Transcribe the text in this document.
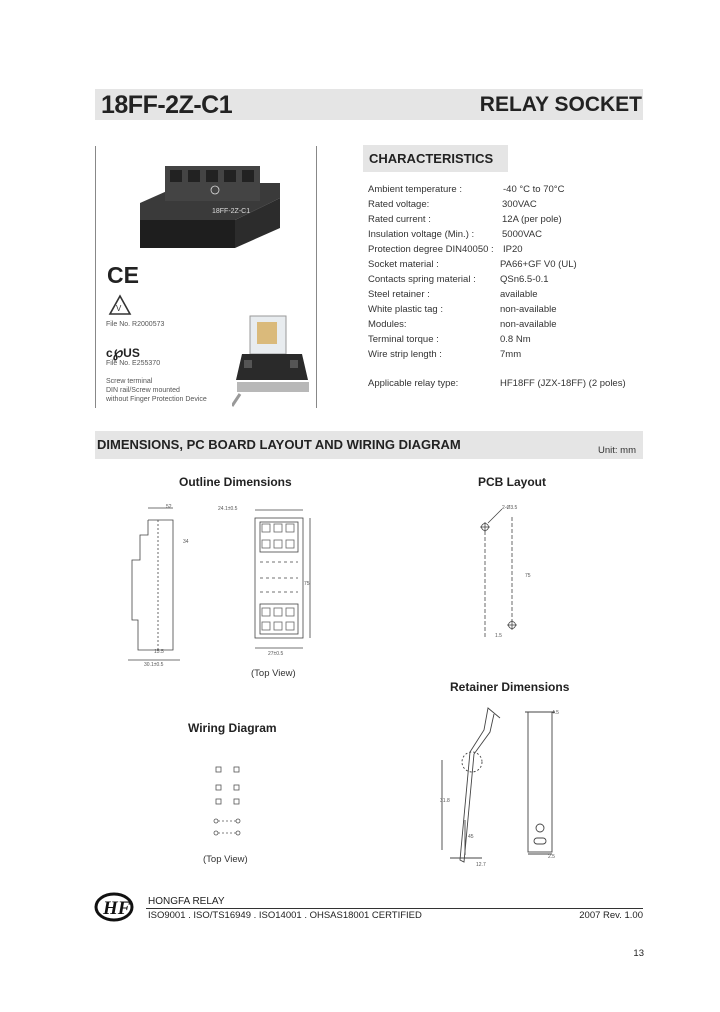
18FF-2Z-C1	RELAY SOCKET
18FF-2Z-C1
CE
V
File No. R2000573
c℘US
File No. E255370
Screw terminal
DIN rail/Screw mounted
without Finger Protection Device
CHARACTERISTICS
Ambient temperature :	-40 °C to 70°C
Rated voltage:	300VAC
Rated current :	12A (per pole)
Insulation voltage (Min.) :	5000VAC
Protection degree DIN40050 : IP20
Socket material :	PA66+GF V0 (UL)
Contacts spring material :	QSn6.5-0.1
Steel retainer :	available
White plastic tag :	non-available
Modules:	non-available
Terminal torque :	0.8 Nm
Wire strip length :	7mm
Applicable relay type:	HF18FF (JZX-18FF) (2 poles)
DIMENSIONS, PC BOARD LAYOUT AND WIRING DIAGRAM	Unit: mm
Outline Dimensions	PCB Layout
Retainer Dimensions
Wiring Diagram
52
34
15.5
30.1±0.5
24.1±0.5
75
27±0.5
(Top View)
2-Ø3.5
75
1.5
4.5
31.8
45
12.7
2.5
(Top View)
HF HONGFA RELAY
ISO9001 . ISO/TS16949 . ISO14001 . OHSAS18001 CERTIFIED	2007 Rev. 1.00
13
